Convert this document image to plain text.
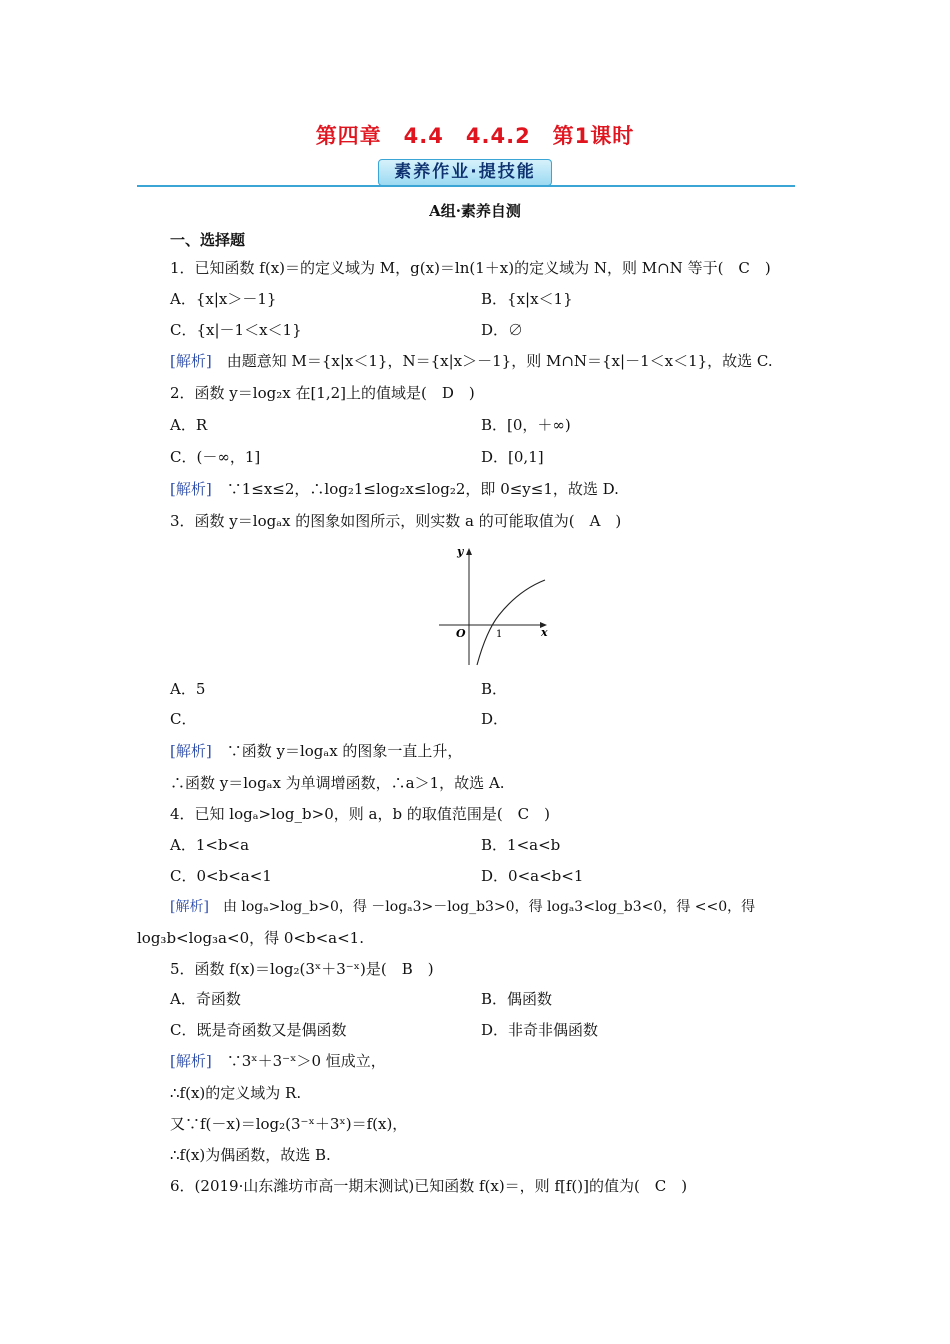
第四章　4.4　4.4.2　第1课时
素养作业·提技能
A组·素养自测
一、选择题
1．已知函数 f(x)＝的定义域为 M，g(x)＝ln(1＋x)的定义域为 N，则 M∩N 等于(　C　)
A．{x|x＞－1}	B．{x|x＜1}
C．{x|－1＜x＜1}	D．∅
[解析]　 由题意知 M＝{x|x＜1}，N＝{x|x＞－1}，则 M∩N＝{x|－1＜x＜1}，故选 C.
2．函数 y＝log₂x 在[1,2]上的值域是(　D　)
A．R	B．[0，＋∞)
C．(－∞，1]	D．[0,1]
[解析]　 ∵1≤x≤2，∴log₂1≤log₂x≤log₂2，即 0≤y≤1，故选 D.
3．函数 y＝logₐx 的图象如图所示，则实数 a 的可能取值为(　A　)
y
x
O	1
A．5	B．
C．	D．
[解析]　 ∵函数 y＝logₐx 的图象一直上升，
∴函数 y＝logₐx 为单调增函数，∴a＞1，故选 A.
4．已知 logₐ>log_b>0，则 a，b 的取值范围是(　C　)
A．1<b<a	B．1<a<b
C．0<b<a<1	D．0<a<b<1
[解析]　 由 logₐ>log_b>0，得 －logₐ3>－log_b3>0，得 logₐ3<log_b3<0，得 <<0，得
log₃b<log₃a<0，得 0<b<a<1.
5．函数 f(x)＝log₂(3ˣ＋3⁻ˣ)是(　B　)
A．奇函数	B．偶函数
C．既是奇函数又是偶函数	D．非奇非偶函数
[解析]　 ∵3ˣ＋3⁻ˣ＞0 恒成立，
∴f(x)的定义域为 R.
又∵f(－x)＝log₂(3⁻ˣ＋3ˣ)＝f(x)，
∴f(x)为偶函数，故选 B.
6．(2019·山东潍坊市高一期末测试)已知函数 f(x)＝，则 f[f()]的值为(　C　)
